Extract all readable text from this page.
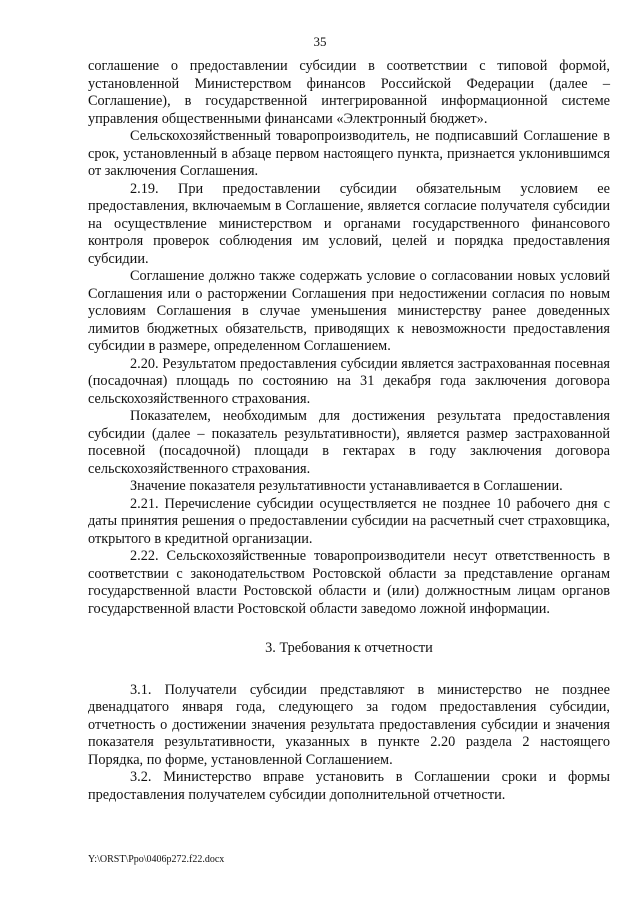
35

соглашение о предоставлении субсидии в соответствии с типовой формой, установленной Министерством финансов Российской Федерации (далее – Соглашение), в государственной интегрированной информационной системе управления общественными финансами «Электронный бюджет».

Сельскохозяйственный товаропроизводитель, не подписавший Соглашение в срок, установленный в абзаце первом настоящего пункта, признается уклонившимся от заключения Соглашения.

2.19. При предоставлении субсидии обязательным условием ее предоставления, включаемым в Соглашение, является согласие получателя субсидии на осуществление министерством и органами государственного финансового контроля проверок соблюдения им условий, целей и порядка предоставления субсидии.

Соглашение должно также содержать условие о согласовании новых условий Соглашения или о расторжении Соглашения при недостижении согласия по новым условиям Соглашения в случае уменьшения министерству ранее доведенных лимитов бюджетных обязательств, приводящих к невозможности предоставления субсидии в размере, определенном Соглашением.

2.20. Результатом предоставления субсидии является застрахованная посевная (посадочная) площадь по состоянию на 31 декабря года заключения договора сельскохозяйственного страхования.

Показателем, необходимым для достижения результата предоставления субсидии (далее – показатель результативности), является размер застрахованной посевной (посадочной) площади в гектарах в году заключения договора сельскохозяйственного страхования.

Значение показателя результативности устанавливается в Соглашении.

2.21. Перечисление субсидии осуществляется не позднее 10 рабочего дня с даты принятия решения о предоставлении субсидии на расчетный счет страховщика, открытого в кредитной организации.

2.22. Сельскохозяйственные товаропроизводители несут ответственность в соответствии с законодательством Ростовской области за представление органам государственной власти Ростовской области и (или) должностным лицам органов государственной власти Ростовской области заведомо ложной информации.

3. Требования к отчетности

3.1. Получатели субсидии представляют в министерство не позднее двенадцатого января года, следующего за годом предоставления субсидии, отчетность о достижении значения результата предоставления субсидии и значения показателя результативности, указанных в пункте 2.20 раздела 2 настоящего Порядка, по форме, установленной Соглашением.

3.2. Министерство вправе установить в Соглашении сроки и формы предоставления получателем субсидии дополнительной отчетности.

Y:\ORST\Ppo\0406p272.f22.docx
